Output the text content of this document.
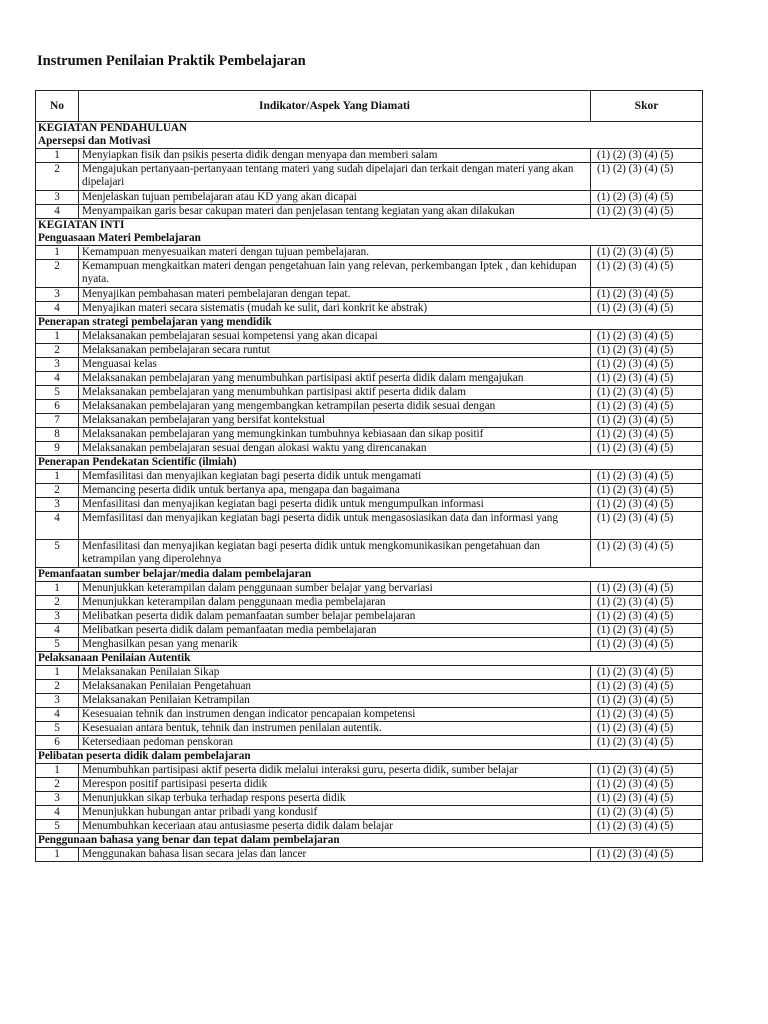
Instrumen Penilaian Praktik Pembelajaran
No	Indikator/Aspek Yang Diamati	Skor

KEGIATAN PENDAHULUAN
Apersepsi dan Motivasi		

1	Menyiapkan fisik dan psikis peserta didik dengan menyapa dan memberi salam	(1) (2) (3) (4) (5)
2	Mengajukan pertanyaan-pertanyaan tentang materi yang sudah dipelajari dan terkait dengan materi yang akan dipelajari	(1) (2) (3) (4) (5)
3	Menjelaskan tujuan pembelajaran atau KD yang akan dicapai	(1) (2) (3) (4) (5)
4	Menyampaikan garis besar cakupan materi dan penjelasan tentang kegiatan yang akan dilakukan	(1) (2) (3) (4) (5)

KEGIATAN INTI
Penguasaan Materi Pembelajaran		

1	Kemampuan menyesuaikan materi dengan tujuan pembelajaran.	(1) (2) (3) (4) (5)
2	Kemampuan mengkaitkan materi dengan pengetahuan lain yang relevan, perkembangan Iptek , dan kehidupan nyata.	(1) (2) (3) (4) (5)
3	Menyajikan pembahasan materi pembelajaran dengan tepat.	(1) (2) (3) (4) (5)
4	Menyajikan materi secara sistematis (mudah ke sulit, dari konkrit ke abstrak)	(1) (2) (3) (4) (5)

Penerapan strategi pembelajaran yang mendidik		

1	Melaksanakan pembelajaran sesuai kompetensi yang akan dicapai	(1) (2) (3) (4) (5)
2	Melaksanakan pembelajaran secara runtut	(1) (2) (3) (4) (5)
3	Menguasai kelas	(1) (2) (3) (4) (5)
4	Melaksanakan pembelajaran yang menumbuhkan partisipasi aktif peserta didik dalam mengajukan	(1) (2) (3) (4) (5)
5	Melaksanakan pembelajaran yang menumbuhkan partisipasi aktif peserta didik dalam	(1) (2) (3) (4) (5)
6	Melaksanakan pembelajaran yang mengembangkan ketrampilan peserta didik sesuai dengan	(1) (2) (3) (4) (5)
7	Melaksanakan pembelajaran yang bersifat kontekstual	(1) (2) (3) (4) (5)
8	Melaksanakan pembelajaran yang memungkinkan tumbuhnya kebiasaan dan sikap positif	(1) (2) (3) (4) (5)
9	Melaksanakan pembelajaran sesuai dengan alokasi waktu yang direncanakan	(1) (2) (3) (4) (5)

Penerapan Pendekatan Scientific (ilmiah)		

1	Memfasilitasi dan menyajikan kegiatan bagi peserta didik untuk mengamati	(1) (2) (3) (4) (5)
2	Memancing peserta didik untuk bertanya apa, mengapa dan bagaimana	(1) (2) (3) (4) (5)
3	Menfasilitasi dan menyajikan kegiatan bagi peserta didik untuk mengumpulkan informasi	(1) (2) (3) (4) (5)
4	Memfasilitasi dan menyajikan kegiatan bagi peserta didik untuk mengasosiasikan data dan informasi yang	(1) (2) (3) (4) (5)
5	Menfasilitasi dan menyajikan kegiatan bagi peserta didik untuk mengkomunikasikan pengetahuan dan ketrampilan yang diperolehnya	(1) (2) (3) (4) (5)

Pemanfaatan sumber belajar/media dalam pembelajaran		

1	Menunjukkan keterampilan dalam penggunaan sumber belajar yang bervariasi	(1) (2) (3) (4) (5)
2	Menunjukkan keterampilan dalam penggunaan media pembelajaran	(1) (2) (3) (4) (5)
3	Melibatkan peserta didik dalam pemanfaatan sumber belajar pembelajaran	(1) (2) (3) (4) (5)
4	Melibatkan peserta didik dalam pemanfaatan media pembelajaran	(1) (2) (3) (4) (5)
5	Menghasilkan pesan yang menarik	(1) (2) (3) (4) (5)

Pelaksanaan Penilaian Autentik		

1	Melaksanakan Penilaian Sikap	(1) (2) (3) (4) (5)
2	Melaksanakan Penilaian Pengetahuan	(1) (2) (3) (4) (5)
3	Melaksanakan Penilaian Ketrampilan	(1) (2) (3) (4) (5)
4	Kesesuaian tehnik dan instrumen dengan indicator pencapaian kompetensi	(1) (2) (3) (4) (5)
5	Kesesuaian antara bentuk, tehnik dan instrumen penilaian autentik.	(1) (2) (3) (4) (5)
6	Ketersediaan pedoman penskoran	(1) (2) (3) (4) (5)

Pelibatan peserta didik dalam pembelajaran		

1	Menumbuhkan partisipasi aktif peserta didik melalui interaksi guru, peserta didik, sumber belajar	(1) (2) (3) (4) (5)
2	Merespon positif partisipasi peserta didik	(1) (2) (3) (4) (5)
3	Menunjukkan sikap terbuka terhadap respons peserta didik	(1) (2) (3) (4) (5)
4	Menunjukkan hubungan antar pribadi yang kondusif	(1) (2) (3) (4) (5)
5	Menumbuhkan keceriaan atau antusiasme peserta didik dalam belajar	(1) (2) (3) (4) (5)

Penggunaan bahasa yang benar dan tepat dalam pembelajaran		

1	Menggunakan bahasa lisan secara jelas dan lancer	(1) (2) (3) (4) (5)
